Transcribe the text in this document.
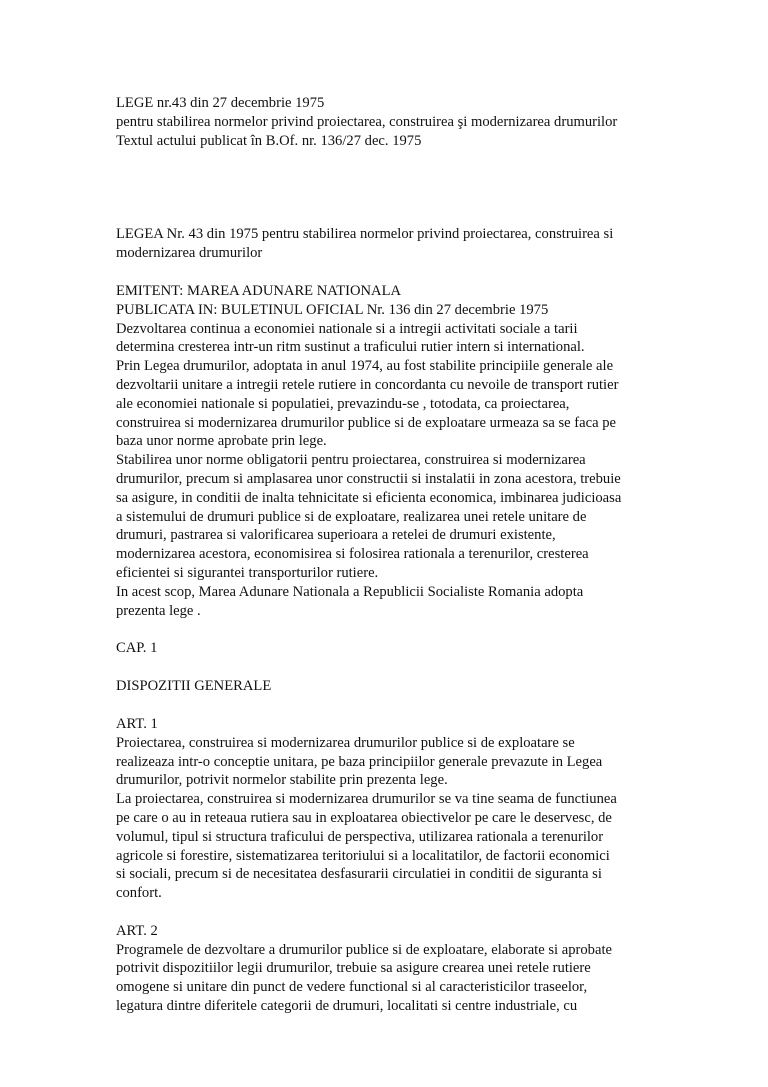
LEGE nr.43 din 27 decembrie 1975

pentru stabilirea normelor privind proiectarea, construirea şi modernizarea drumurilor

Textul actului publicat în B.Of. nr. 136/27 dec. 1975

LEGEA Nr. 43 din 1975 pentru stabilirea normelor privind proiectarea, construirea si
modernizarea drumurilor

EMITENT: MAREA ADUNARE NATIONALA

PUBLICATA IN: BULETINUL OFICIAL Nr. 136 din 27 decembrie 1975

Dezvoltarea continua a economiei nationale si a intregii activitati sociale a tarii
determina cresterea intr-un ritm sustinut a traficului rutier intern si international.

Prin Legea drumurilor, adoptata in anul 1974, au fost stabilite principiile generale ale
dezvoltarii unitare a intregii retele rutiere in concordanta cu nevoile de transport rutier
ale economiei nationale si populatiei, prevazindu-se , totodata, ca proiectarea,
construirea si modernizarea drumurilor publice si de exploatare urmeaza sa se faca pe
baza unor norme aprobate prin lege.

Stabilirea unor norme obligatorii pentru proiectarea, construirea si modernizarea
drumurilor, precum si amplasarea unor constructii si instalatii in zona acestora, trebuie
sa asigure, in conditii de inalta tehnicitate si eficienta economica, imbinarea judicioasa
a sistemului de drumuri publice si de exploatare, realizarea unei retele unitare de
drumuri, pastrarea si valorificarea superioara a retelei de drumuri existente,
modernizarea acestora, economisirea si folosirea rationala a terenurilor, cresterea
eficientei si sigurantei transporturilor rutiere.

In acest scop, Marea Adunare Nationala a Republicii Socialiste Romania adopta
prezenta lege .

CAP. 1

DISPOZITII GENERALE

ART. 1

Proiectarea, construirea si modernizarea drumurilor publice si de exploatare se
realizeaza intr-o conceptie unitara, pe baza principiilor generale prevazute in Legea
drumurilor, potrivit normelor stabilite prin prezenta lege.

La proiectarea, construirea si modernizarea drumurilor se va tine seama de functiunea
pe care o au in reteaua rutiera sau in exploatarea obiectivelor pe care le deservesc, de
volumul, tipul si structura traficului de perspectiva, utilizarea rationala a terenurilor
agricole si forestire, sistematizarea teritoriului si a localitatilor, de factorii economici
si sociali, precum si de necesitatea desfasurarii circulatiei in conditii de siguranta si
confort.

ART. 2

Programele de dezvoltare a drumurilor publice si de exploatare, elaborate si aprobate
potrivit dispozitiilor legii drumurilor, trebuie sa asigure crearea unei retele rutiere
omogene si unitare din punct de vedere functional si al caracteristicilor traseelor,
legatura dintre diferitele categorii de drumuri, localitati si centre industriale, cu
